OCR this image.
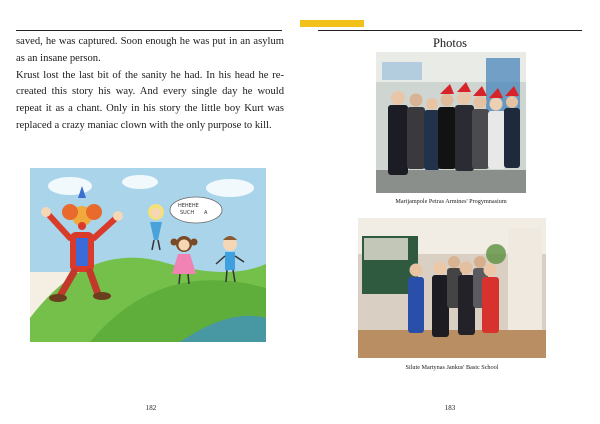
saved, he was captured. Soon enough he was put in an asylum as an insane person.

Krust lost the last bit of the sanity he had. In his head he re-created this story his way. And every single day he would repeat it as a chant. Only in his story the little boy Kurt was replaced a crazy maniac clown with the only purpose to kill.

HEHEHE
SUCH A
Photos
Marijampole Petras Armines' Progymnasium
Silute Martynas Jankus' Basic School
182	183
